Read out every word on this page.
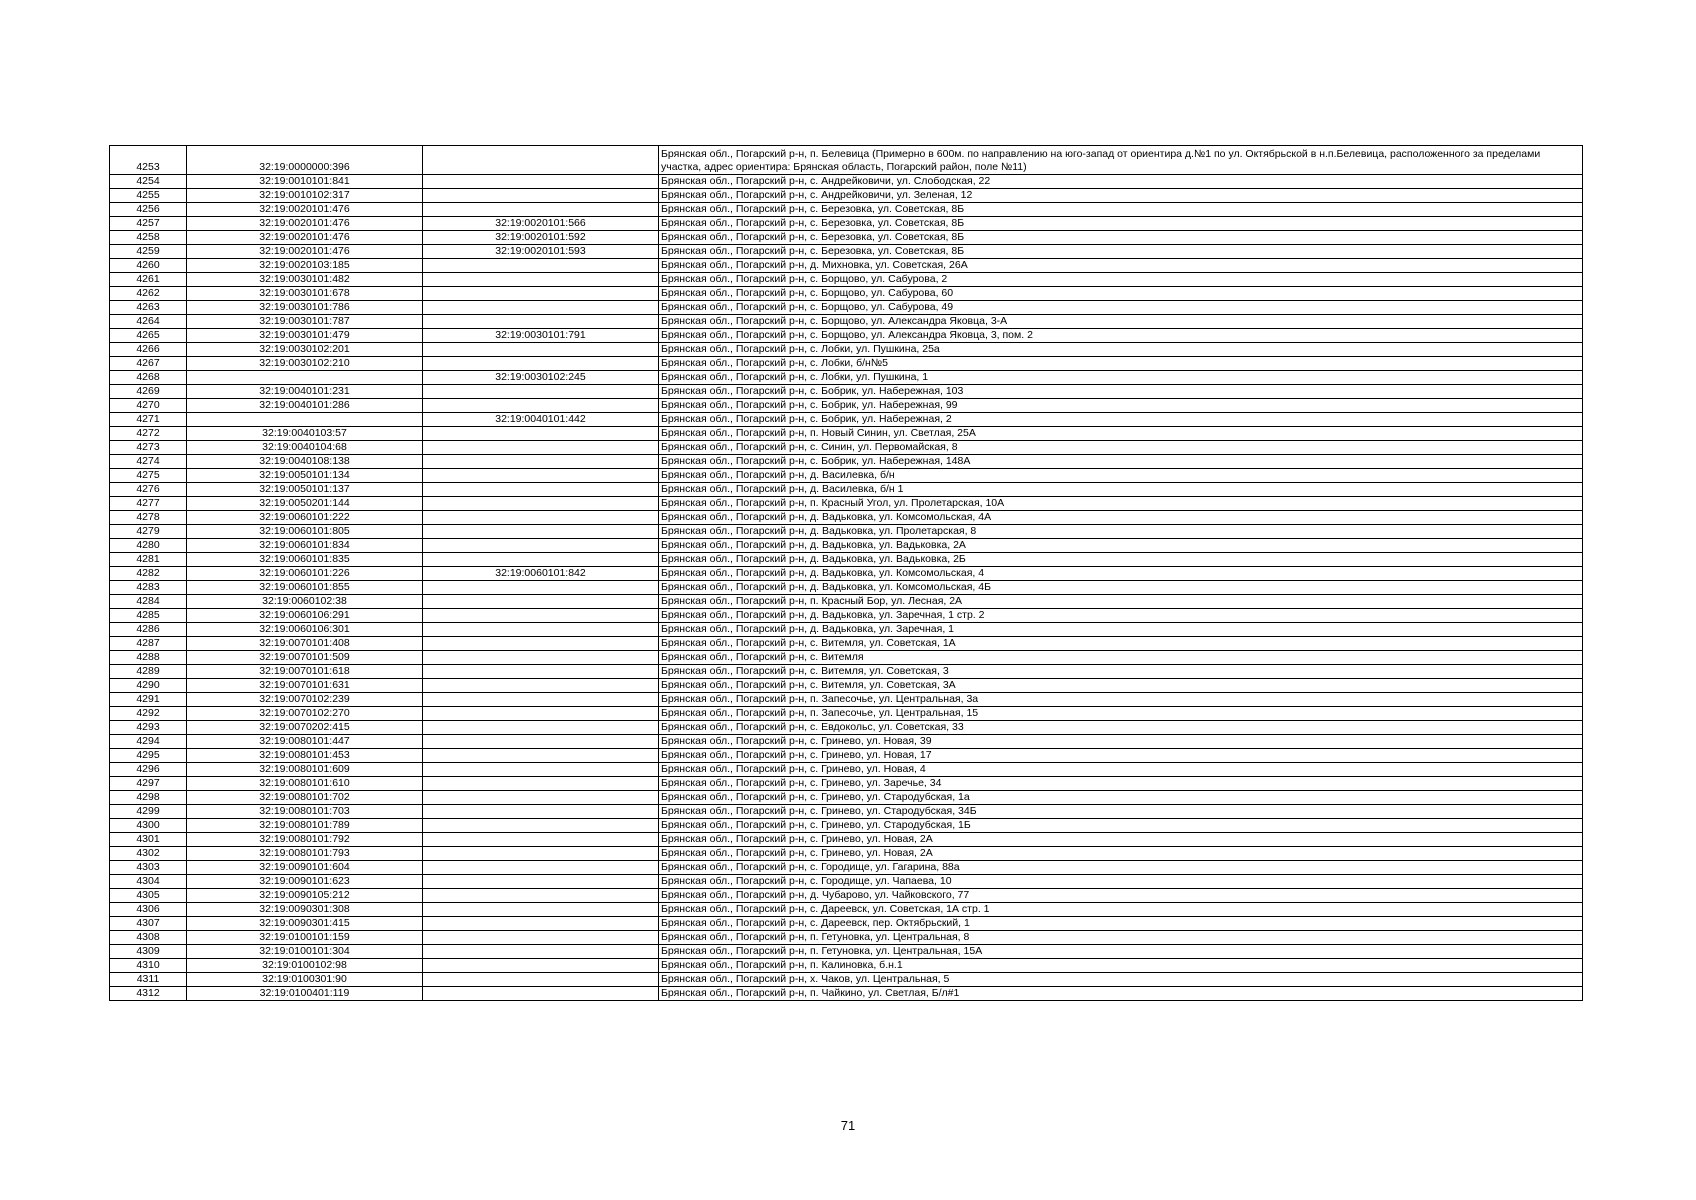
4253	32:19:0000000:396		Брянская обл., Погарский р-н, п. Белевица (Примерно в 600м. по направлению на юго-запад от ориентира д.№1 по ул. Октябрьской в н.п.Белевица, расположенного за пределами участка, адрес ориентира: Брянская область, Погарский район, поле №11)
4254	32:19:0010101:841		Брянская обл., Погарский р-н, с. Андрейковичи, ул. Слободская, 22
4255	32:19:0010102:317		Брянская обл., Погарский р-н, с. Андрейковичи, ул. Зеленая, 12
4256	32:19:0020101:476		Брянская обл., Погарский р-н, с. Березовка, ул. Советская, 8Б
4257	32:19:0020101:476	32:19:0020101:566	Брянская обл., Погарский р-н, с. Березовка, ул. Советская, 8Б
4258	32:19:0020101:476	32:19:0020101:592	Брянская обл., Погарский р-н, с. Березовка, ул. Советская, 8Б
4259	32:19:0020101:476	32:19:0020101:593	Брянская обл., Погарский р-н, с. Березовка, ул. Советская, 8Б
4260	32:19:0020103:185		Брянская обл., Погарский р-н, д. Михновка, ул. Советская, 26А
4261	32:19:0030101:482		Брянская обл., Погарский р-н, с. Борщово, ул. Сабурова, 2
4262	32:19:0030101:678		Брянская обл., Погарский р-н, с. Борщово, ул. Сабурова, 60
4263	32:19:0030101:786		Брянская обл., Погарский р-н, с. Борщово, ул. Сабурова, 49
4264	32:19:0030101:787		Брянская обл., Погарский р-н, с. Борщово, ул. Александра Яковца, 3-А
4265	32:19:0030101:479	32:19:0030101:791	Брянская обл., Погарский р-н, с. Борщово, ул. Александра Яковца, 3, пом. 2
4266	32:19:0030102:201		Брянская обл., Погарский р-н, с. Лобки, ул. Пушкина, 25а
4267	32:19:0030102:210		Брянская обл., Погарский р-н, с. Лобки, б/н№5
4268		32:19:0030102:245	Брянская обл., Погарский р-н, с. Лобки, ул. Пушкина, 1
4269	32:19:0040101:231		Брянская обл., Погарский р-н, с. Бобрик, ул. Набережная, 103
4270	32:19:0040101:286		Брянская обл., Погарский р-н, с. Бобрик, ул. Набережная, 99
4271		32:19:0040101:442	Брянская обл., Погарский р-н, с. Бобрик, ул. Набережная, 2
4272	32:19:0040103:57		Брянская обл., Погарский р-н, п. Новый Синин, ул. Светлая, 25А
4273	32:19:0040104:68		Брянская обл., Погарский р-н, с. Синин, ул. Первомайская, 8
4274	32:19:0040108:138		Брянская обл., Погарский р-н, с. Бобрик, ул. Набережная, 148А
4275	32:19:0050101:134		Брянская обл., Погарский р-н, д. Василевка, б/н
4276	32:19:0050101:137		Брянская обл., Погарский р-н, д. Василевка, б/н 1
4277	32:19:0050201:144		Брянская обл., Погарский р-н, п. Красный Угол, ул. Пролетарская, 10А
4278	32:19:0060101:222		Брянская обл., Погарский р-н, д. Вадьковка, ул. Комсомольская, 4А
4279	32:19:0060101:805		Брянская обл., Погарский р-н, д. Вадьковка, ул. Пролетарская, 8
4280	32:19:0060101:834		Брянская обл., Погарский р-н, д. Вадьковка, ул. Вадьковка, 2А
4281	32:19:0060101:835		Брянская обл., Погарский р-н, д. Вадьковка, ул. Вадьковка, 2Б
4282	32:19:0060101:226	32:19:0060101:842	Брянская обл., Погарский р-н, д. Вадьковка, ул. Комсомольская, 4
4283	32:19:0060101:855		Брянская обл., Погарский р-н, д. Вадьковка, ул. Комсомольская, 4Б
4284	32:19:0060102:38		Брянская обл., Погарский р-н, п. Красный Бор, ул. Лесная, 2А
4285	32:19:0060106:291		Брянская обл., Погарский р-н, д. Вадьковка, ул. Заречная, 1 стр. 2
4286	32:19:0060106:301		Брянская обл., Погарский р-н, д. Вадьковка, ул. Заречная, 1
4287	32:19:0070101:408		Брянская обл., Погарский р-н, с. Витемля, ул. Советская, 1А
4288	32:19:0070101:509		Брянская обл., Погарский р-н, с. Витемля
4289	32:19:0070101:618		Брянская обл., Погарский р-н, с. Витемля, ул. Советская, 3
4290	32:19:0070101:631		Брянская обл., Погарский р-н, с. Витемля, ул. Советская, 3А
4291	32:19:0070102:239		Брянская обл., Погарский р-н, п. Запесочье, ул. Центральная, 3а
4292	32:19:0070102:270		Брянская обл., Погарский р-н, п. Запесочье, ул. Центральная, 15
4293	32:19:0070202:415		Брянская обл., Погарский р-н, с. Евдокольс, ул. Советская, 33
4294	32:19:0080101:447		Брянская обл., Погарский р-н, с. Гринево, ул. Новая, 39
4295	32:19:0080101:453		Брянская обл., Погарский р-н, с. Гринево, ул. Новая, 17
4296	32:19:0080101:609		Брянская обл., Погарский р-н, с. Гринево, ул. Новая, 4
4297	32:19:0080101:610		Брянская обл., Погарский р-н, с. Гринево, ул. Заречье, 34
4298	32:19:0080101:702		Брянская обл., Погарский р-н, с. Гринево, ул. Стародубская, 1а
4299	32:19:0080101:703		Брянская обл., Погарский р-н, с. Гринево, ул. Стародубская, 34Б
4300	32:19:0080101:789		Брянская обл., Погарский р-н, с. Гринево, ул. Стародубская, 1Б
4301	32:19:0080101:792		Брянская обл., Погарский р-н, с. Гринево, ул. Новая, 2А
4302	32:19:0080101:793		Брянская обл., Погарский р-н, с. Гринево, ул. Новая, 2А
4303	32:19:0090101:604		Брянская обл., Погарский р-н, с. Городище, ул. Гагарина, 88а
4304	32:19:0090101:623		Брянская обл., Погарский р-н, с. Городище, ул. Чапаева, 10
4305	32:19:0090105:212		Брянская обл., Погарский р-н, д. Чубарово, ул. Чайковского, 77
4306	32:19:0090301:308		Брянская обл., Погарский р-н, с. Дареевск, ул. Советская, 1А стр. 1
4307	32:19:0090301:415		Брянская обл., Погарский р-н, с. Дареевск, пер. Октябрьский, 1
4308	32:19:0100101:159		Брянская обл., Погарский р-н, п. Гетуновка, ул. Центральная, 8
4309	32:19:0100101:304		Брянская обл., Погарский р-н, п. Гетуновка, ул. Центральная, 15А
4310	32:19:0100102:98		Брянская обл., Погарский р-н, п. Калиновка, б.н.1
4311	32:19:0100301:90		Брянская обл., Погарский р-н, х. Чаков, ул. Центральная, 5
4312	32:19:0100401:119		Брянская обл., Погарский р-н, п. Чайкино, ул. Светлая, Б/л#1
71
